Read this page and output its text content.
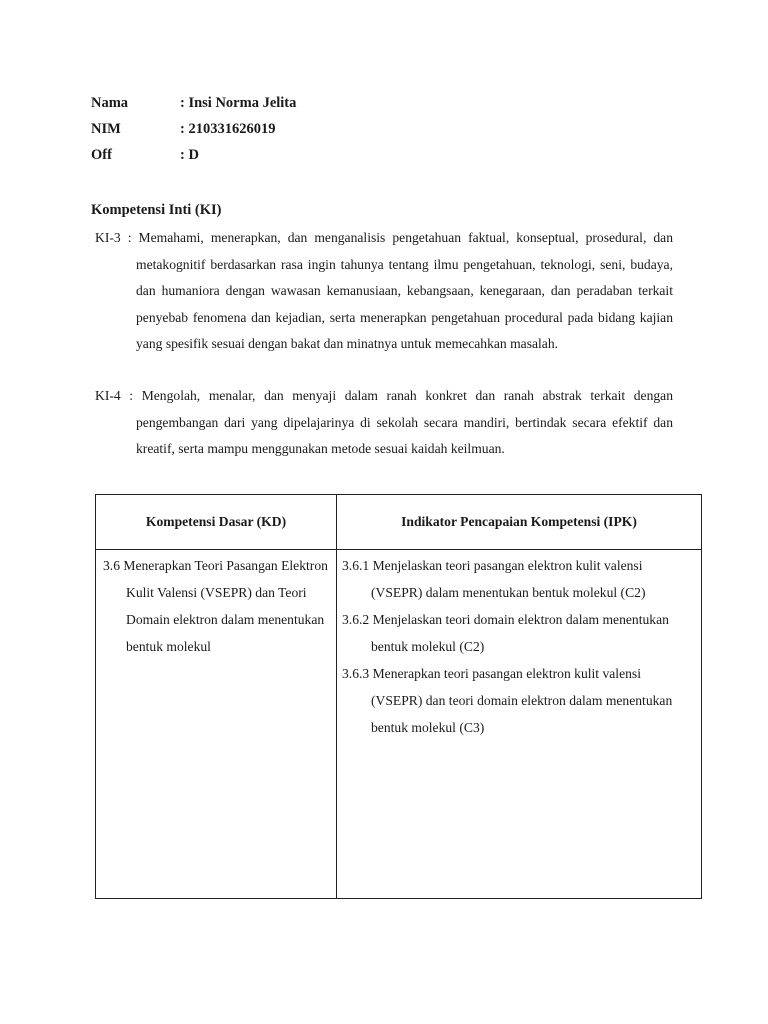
Nama	: Insi Norma Jelita
NIM	: 210331626019
Off	: D
Kompetensi Inti (KI)
KI-3 : Memahami, menerapkan, dan menganalisis pengetahuan faktual, konseptual, prosedural, dan metakognitif berdasarkan rasa ingin tahunya tentang ilmu pengetahuan, teknologi, seni, budaya, dan humaniora dengan wawasan kemanusiaan, kebangsaan, kenegaraan, dan peradaban terkait penyebab fenomena dan kejadian, serta menerapkan pengetahuan procedural pada bidang kajian yang spesifik sesuai dengan bakat dan minatnya untuk memecahkan masalah.
KI-4 : Mengolah, menalar, dan menyaji dalam ranah konkret dan ranah abstrak terkait dengan pengembangan dari yang dipelajarinya di sekolah secara mandiri, bertindak secara efektif dan kreatif, serta mampu menggunakan metode sesuai kaidah keilmuan.
Kompetensi Dasar (KD)	Indikator Pencapaian Kompetensi (IPK)

3.6 Menerapkan Teori Pasangan Elektron Kulit Valensi (VSEPR) dan Teori Domain elektron dalam menentukan bentuk molekul	3.6.1 Menjelaskan teori pasangan elektron kulit valensi (VSEPR) dalam menentukan bentuk molekul (C2)
3.6.2 Menjelaskan teori domain elektron dalam menentukan bentuk molekul (C2)
3.6.3 Menerapkan teori pasangan elektron kulit valensi (VSEPR) dan teori domain elektron dalam menentukan bentuk molekul (C3)
